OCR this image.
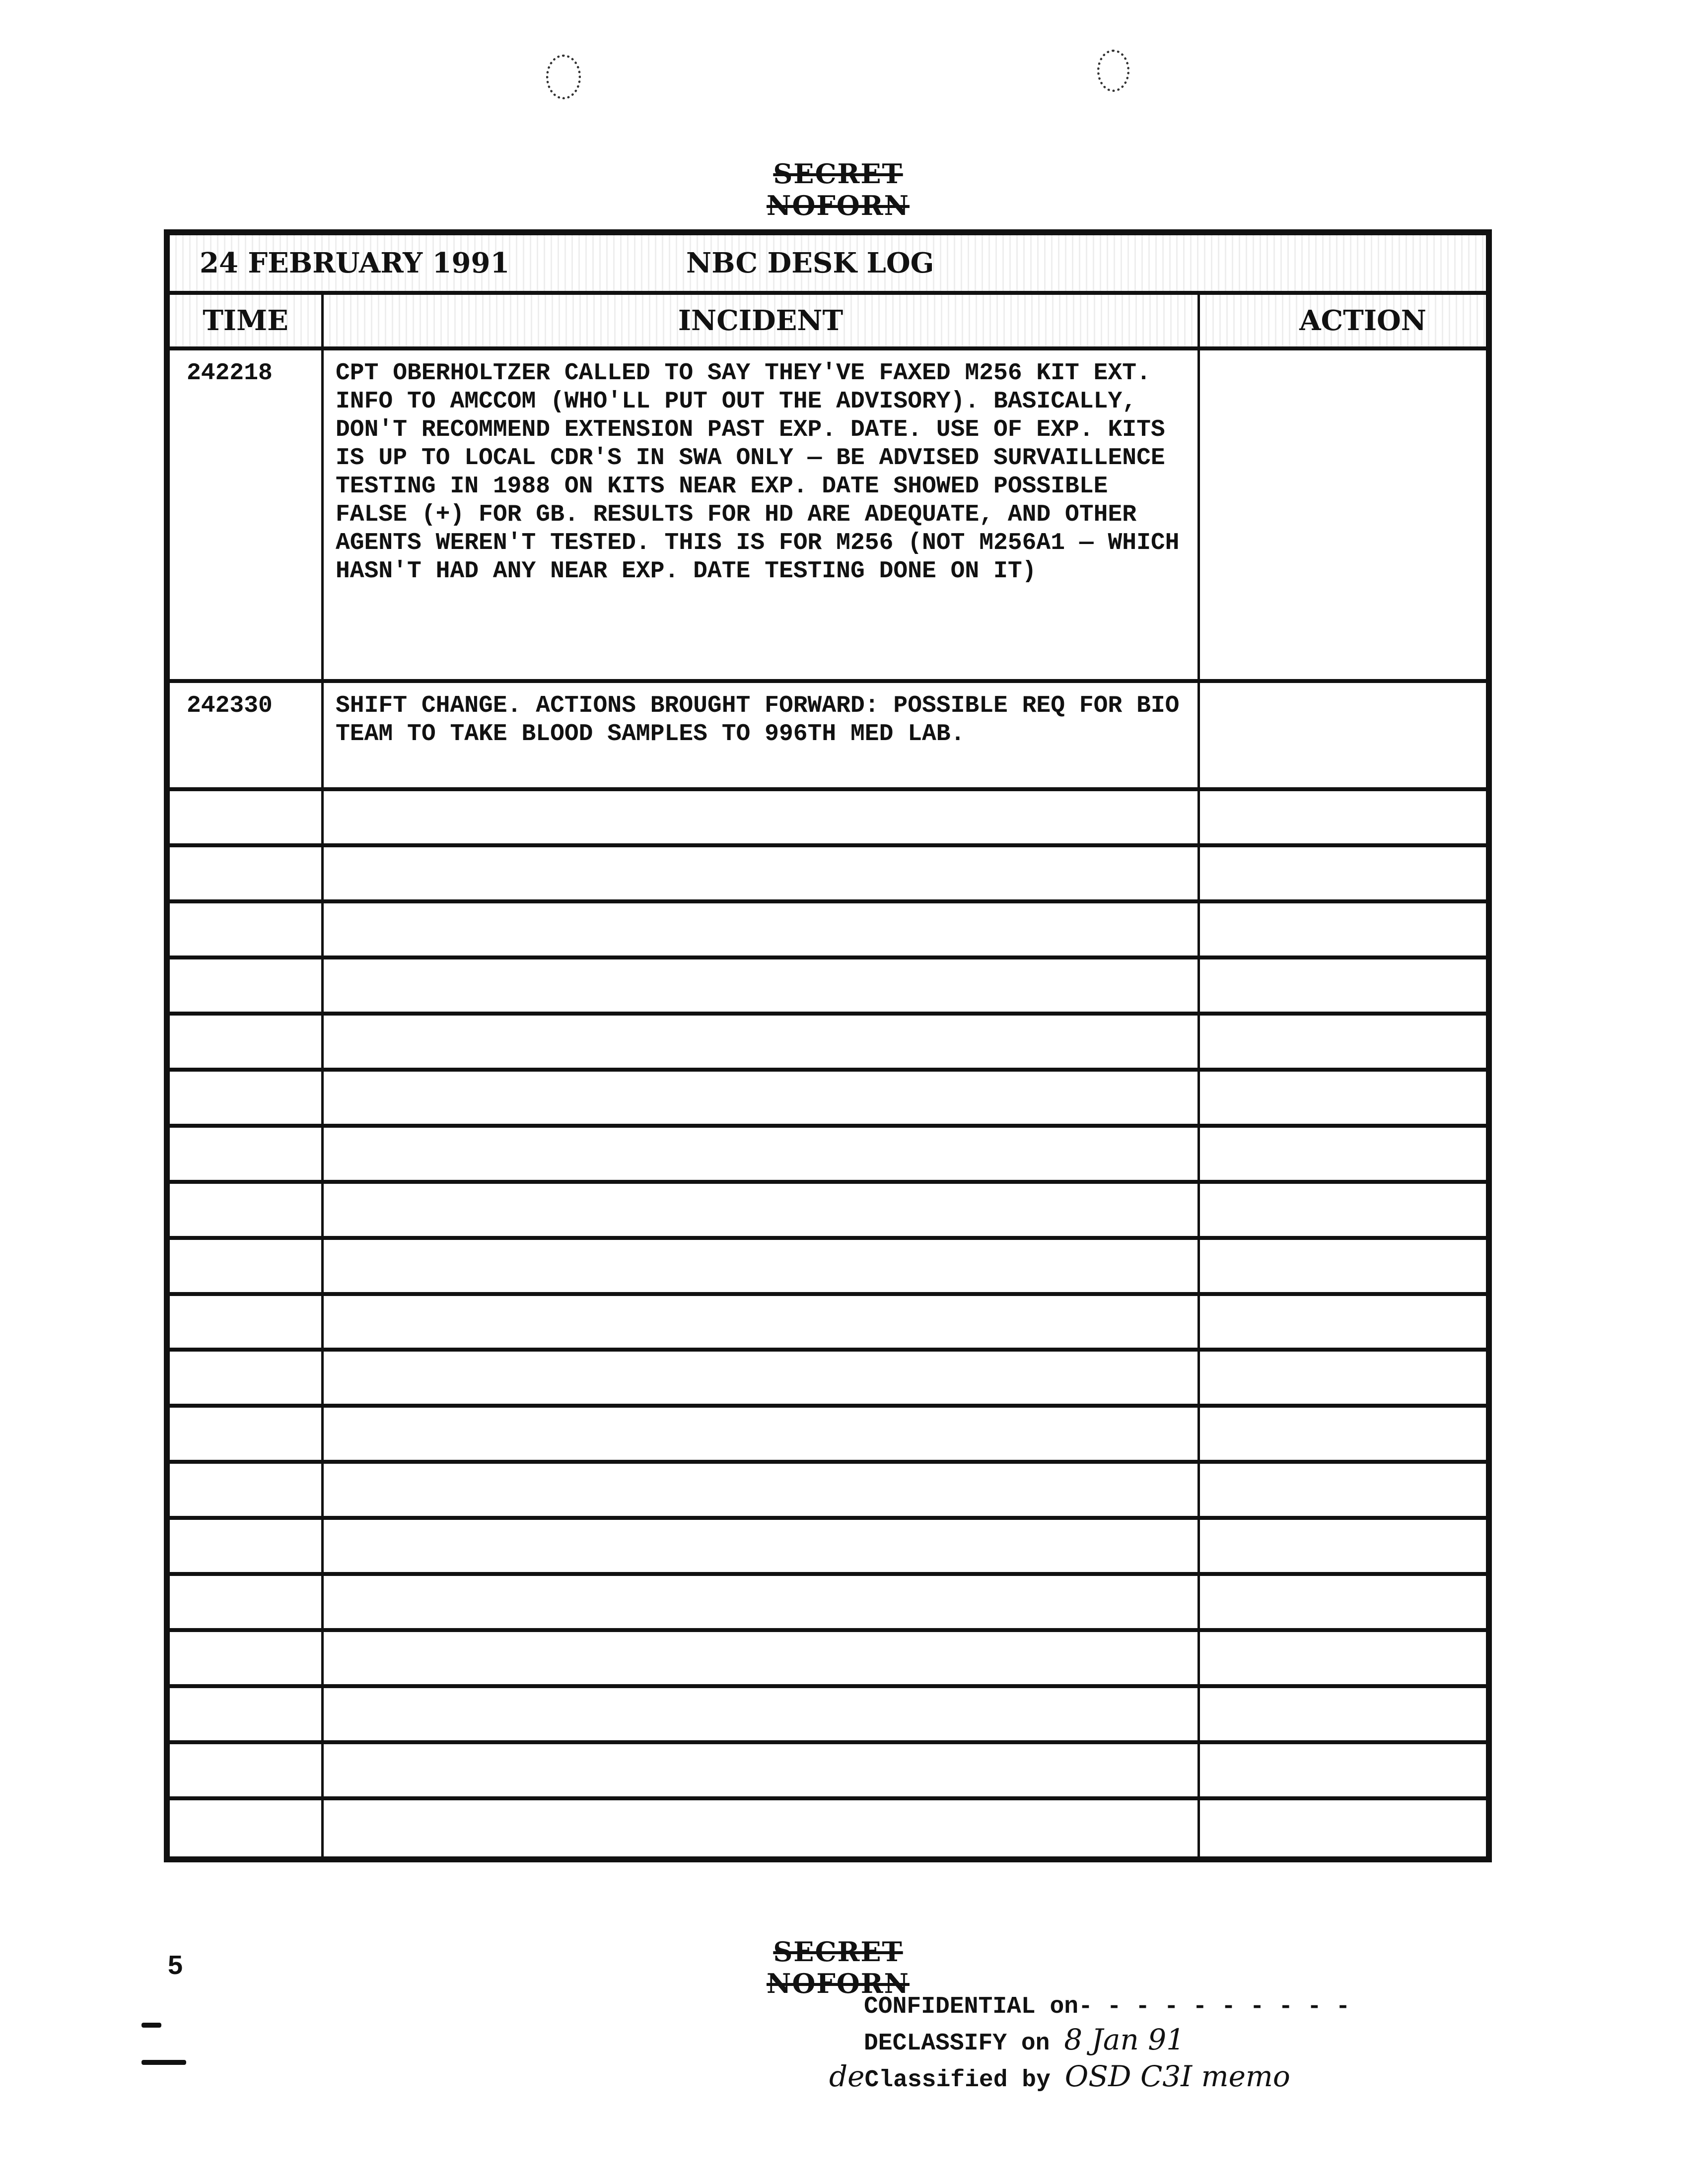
SECRET NOFORN
24 FEBRUARY 1991	NBC DESK LOG
TIME	INCIDENT	ACTION
242218	CPT OBERHOLTZER CALLED TO SAY THEY'VE FAXED M256 KIT EXT. INFO TO AMCCOM (WHO'LL PUT OUT THE ADVISORY). BASICALLY, DON'T RECOMMEND EXTENSION PAST EXP. DATE. USE OF EXP. KITS IS UP TO LOCAL CDR'S IN SWA ONLY — BE ADVISED SURVAILLENCE TESTING IN 1988 ON KITS NEAR EXP. DATE SHOWED POSSIBLE FALSE (+) FOR GB. RESULTS FOR HD ARE ADEQUATE, AND OTHER AGENTS WEREN'T TESTED. THIS IS FOR M256 (NOT M256A1 — WHICH HASN'T HAD ANY NEAR EXP. DATE TESTING DONE ON IT)
242330	SHIFT CHANGE. ACTIONS BROUGHT FORWARD: POSSIBLE REQ FOR BIO TEAM TO TAKE BLOOD SAMPLES TO 996TH MED LAB.
5	SECRET NOFORN
CONFIDENTIAL on- - - - - - - - - -
DECLASSIFY on 8 Jan 91
deClassified by OSD C3I memo
